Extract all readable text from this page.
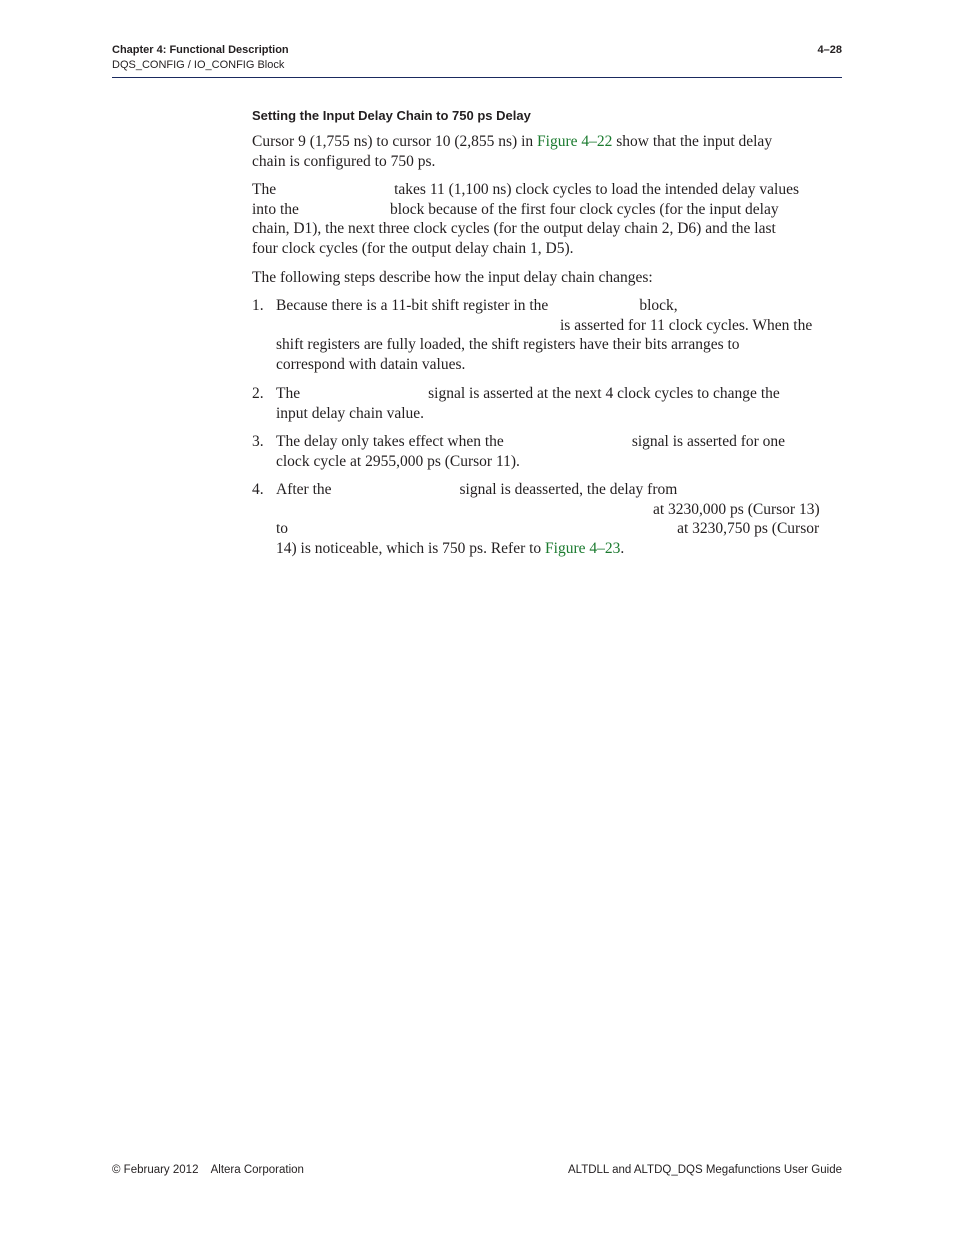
Chapter 4: Functional Description
DQS_CONFIG / IO_CONFIG Block
4–28
Setting the Input Delay Chain to 750 ps Delay
Cursor 9 (1,755 ns) to cursor 10 (2,855 ns) in Figure 4–22 show that the input delay
chain is configured to 750 ps.
The	takes 11 (1,100 ns) clock cycles to load the intended delay values
into the	block because of the first four clock cycles (for the input delay
chain, D1), the next three clock cycles (for the output delay chain 2, D6) and the last
four clock cycles (for the output delay chain 1, D5).
The following steps describe how the input delay chain changes:
1. Because there is a 11-bit shift register in the	block,
is asserted for 11 clock cycles. When the
shift registers are fully loaded, the shift registers have their bits arranges to
correspond with datain values.
2. The	signal is asserted at the next 4 clock cycles to change the
input delay chain value.
3. The delay only takes effect when the	signal is asserted for one
clock cycle at 2955,000 ps (Cursor 11).
4. After the	signal is deasserted, the delay from
at 3230,000 ps (Cursor 13)
to	at 3230,750 ps (Cursor
14) is noticeable, which is 750 ps. Refer to Figure 4–23.
© February 2012    Altera Corporation	ALTDLL and ALTDQ_DQS Megafunctions User Guide
